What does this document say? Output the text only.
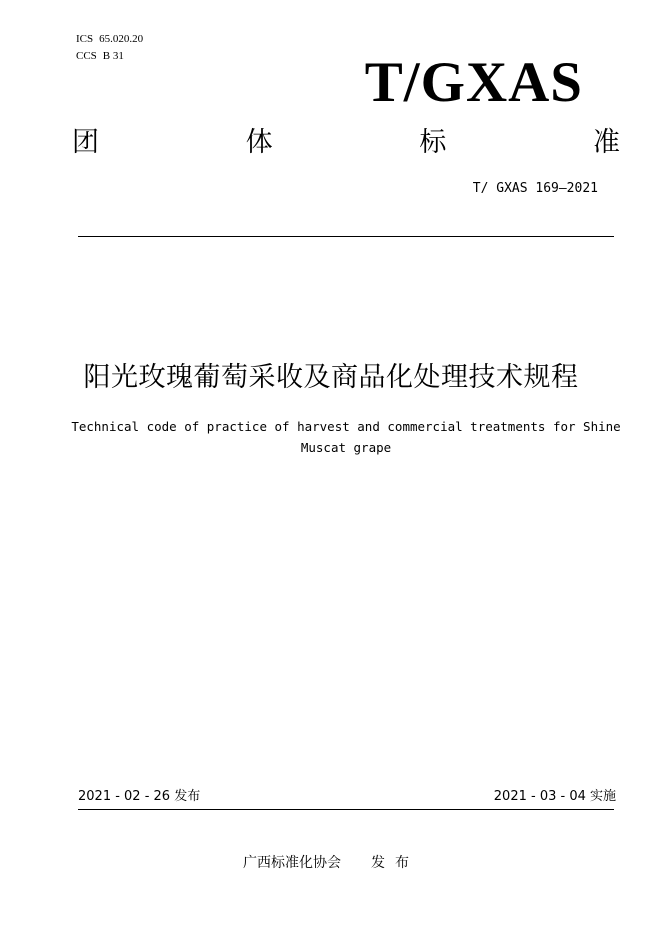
ICS 65.020.20
CCS B 31	T/GXAS
团	体	标	准
T/ GXAS 169—2021
阳光玫瑰葡萄采收及商品化处理技术规程
Technical code of practice of harvest and commercial treatments for Shine Muscat grape
2021 - 02 - 26 发布	2021 - 03 - 04 实施
广西标准化协会 发布
